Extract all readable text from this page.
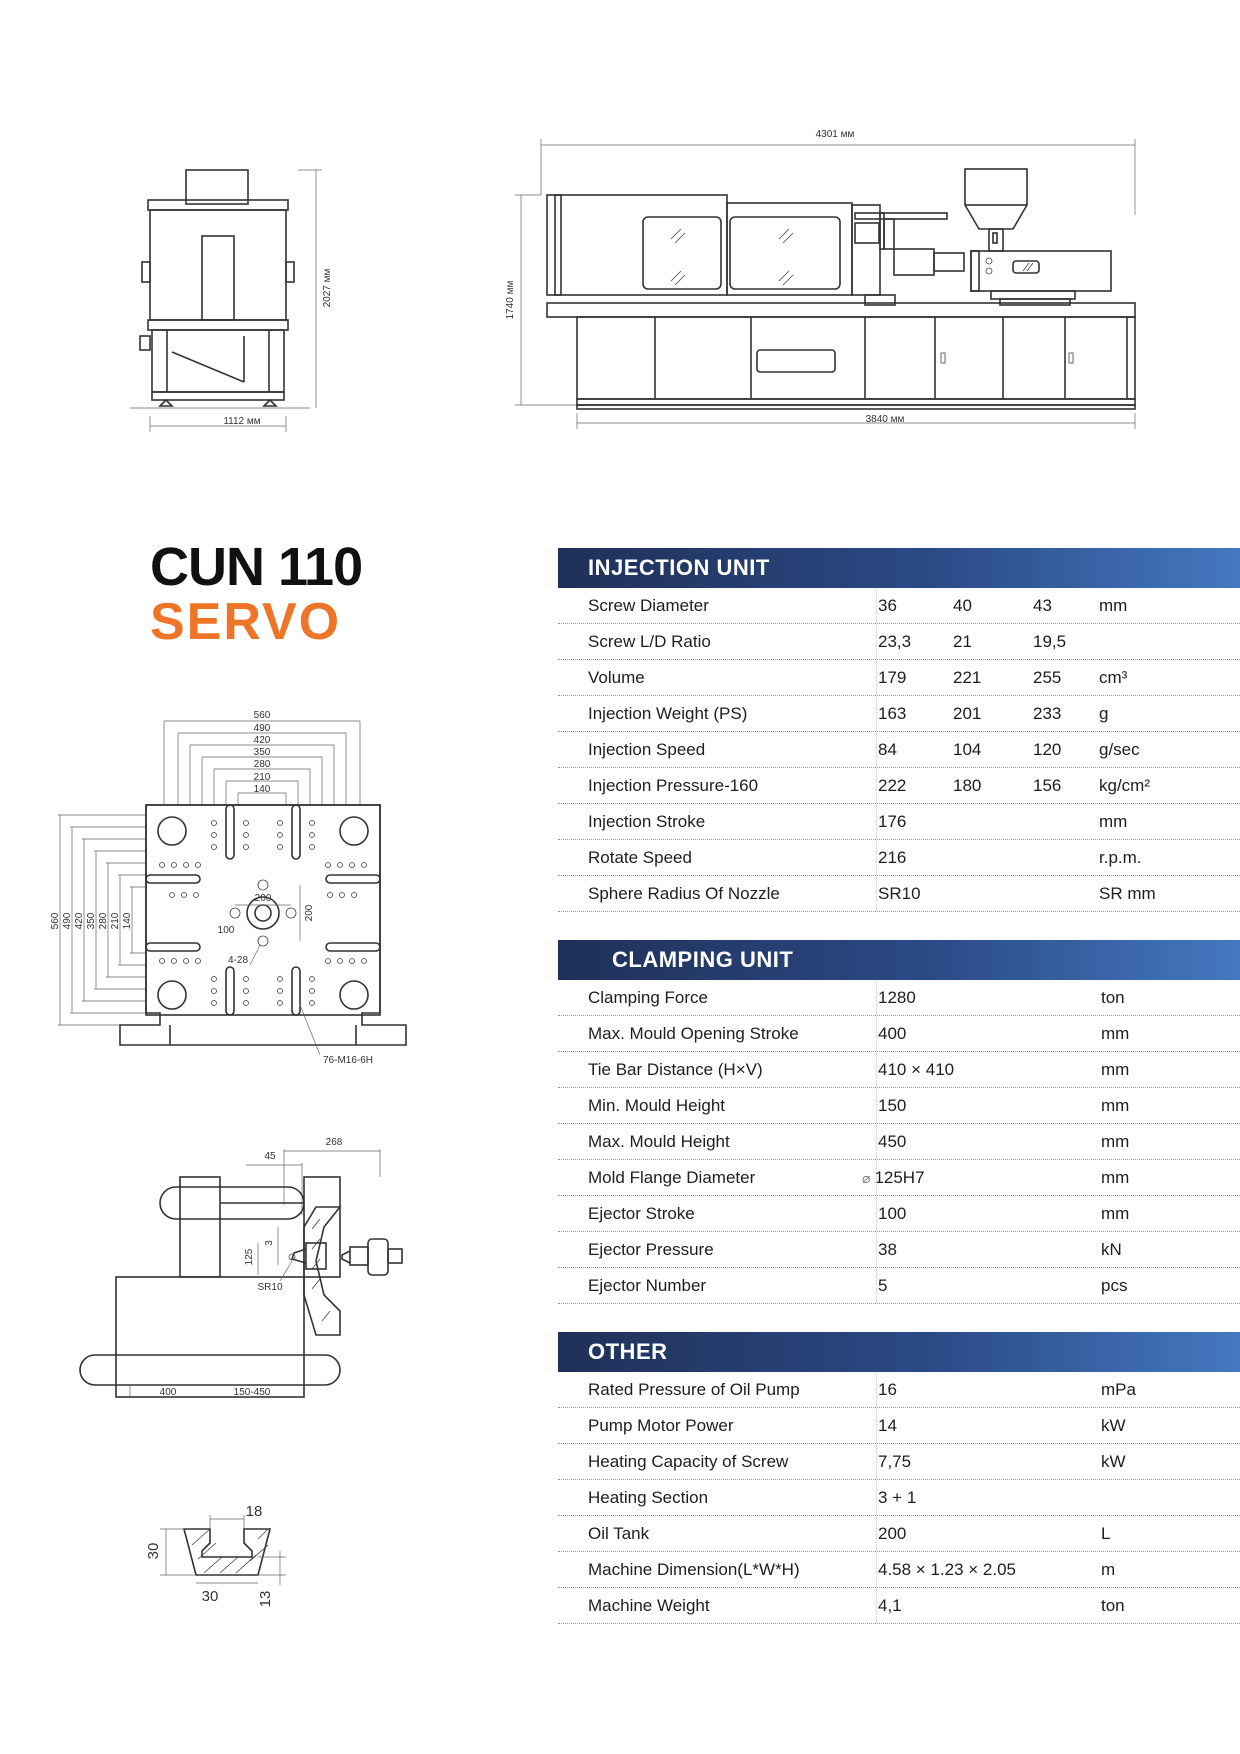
1112 мм
2027 мм
4301 мм
1740 мм
3840 мм
CUN 110
SERVO
560
490
420
350
280
210
140
560 490 420 350 280 210 140
200
200
100
4-28
76-M16-6H
268
45
3
125
SR10
400	150-450
18
30
30	13
INJECTION UNIT
Screw Diameter	36	40	43	mm
Screw L/D Ratio	23,3	21	19,5
Volume	179	221	255	cm³
Injection Weight (PS)	163	201	233	g
Injection Speed	84	104	120	g/sec
Injection Pressure-160	222	180	156	kg/cm²
Injection Stroke	176	mm
Rotate Speed	216	r.p.m.
Sphere Radius Of Nozzle	SR10	SR mm
CLAMPING UNIT
Clamping Force	1280	ton
Max. Mould Opening Stroke	400	mm
Tie Bar Distance (H×V)	410 × 410	mm
Min. Mould Height	150	mm
Max. Mould Height	450	mm
Mold Flange Diameter	⌀ 125H7	mm
Ejector Stroke	100	mm
Ejector Pressure	38	kN
Ejector Number	5	pcs
OTHER
Rated Pressure of Oil Pump	16	mPa
Pump Motor Power	14	kW
Heating Capacity of Screw	7,75	kW
Heating Section	3 + 1
Oil Tank	200	L
Machine Dimension(L*W*H)	4.58 × 1.23 × 2.05	m
Machine Weight	4,1	ton
